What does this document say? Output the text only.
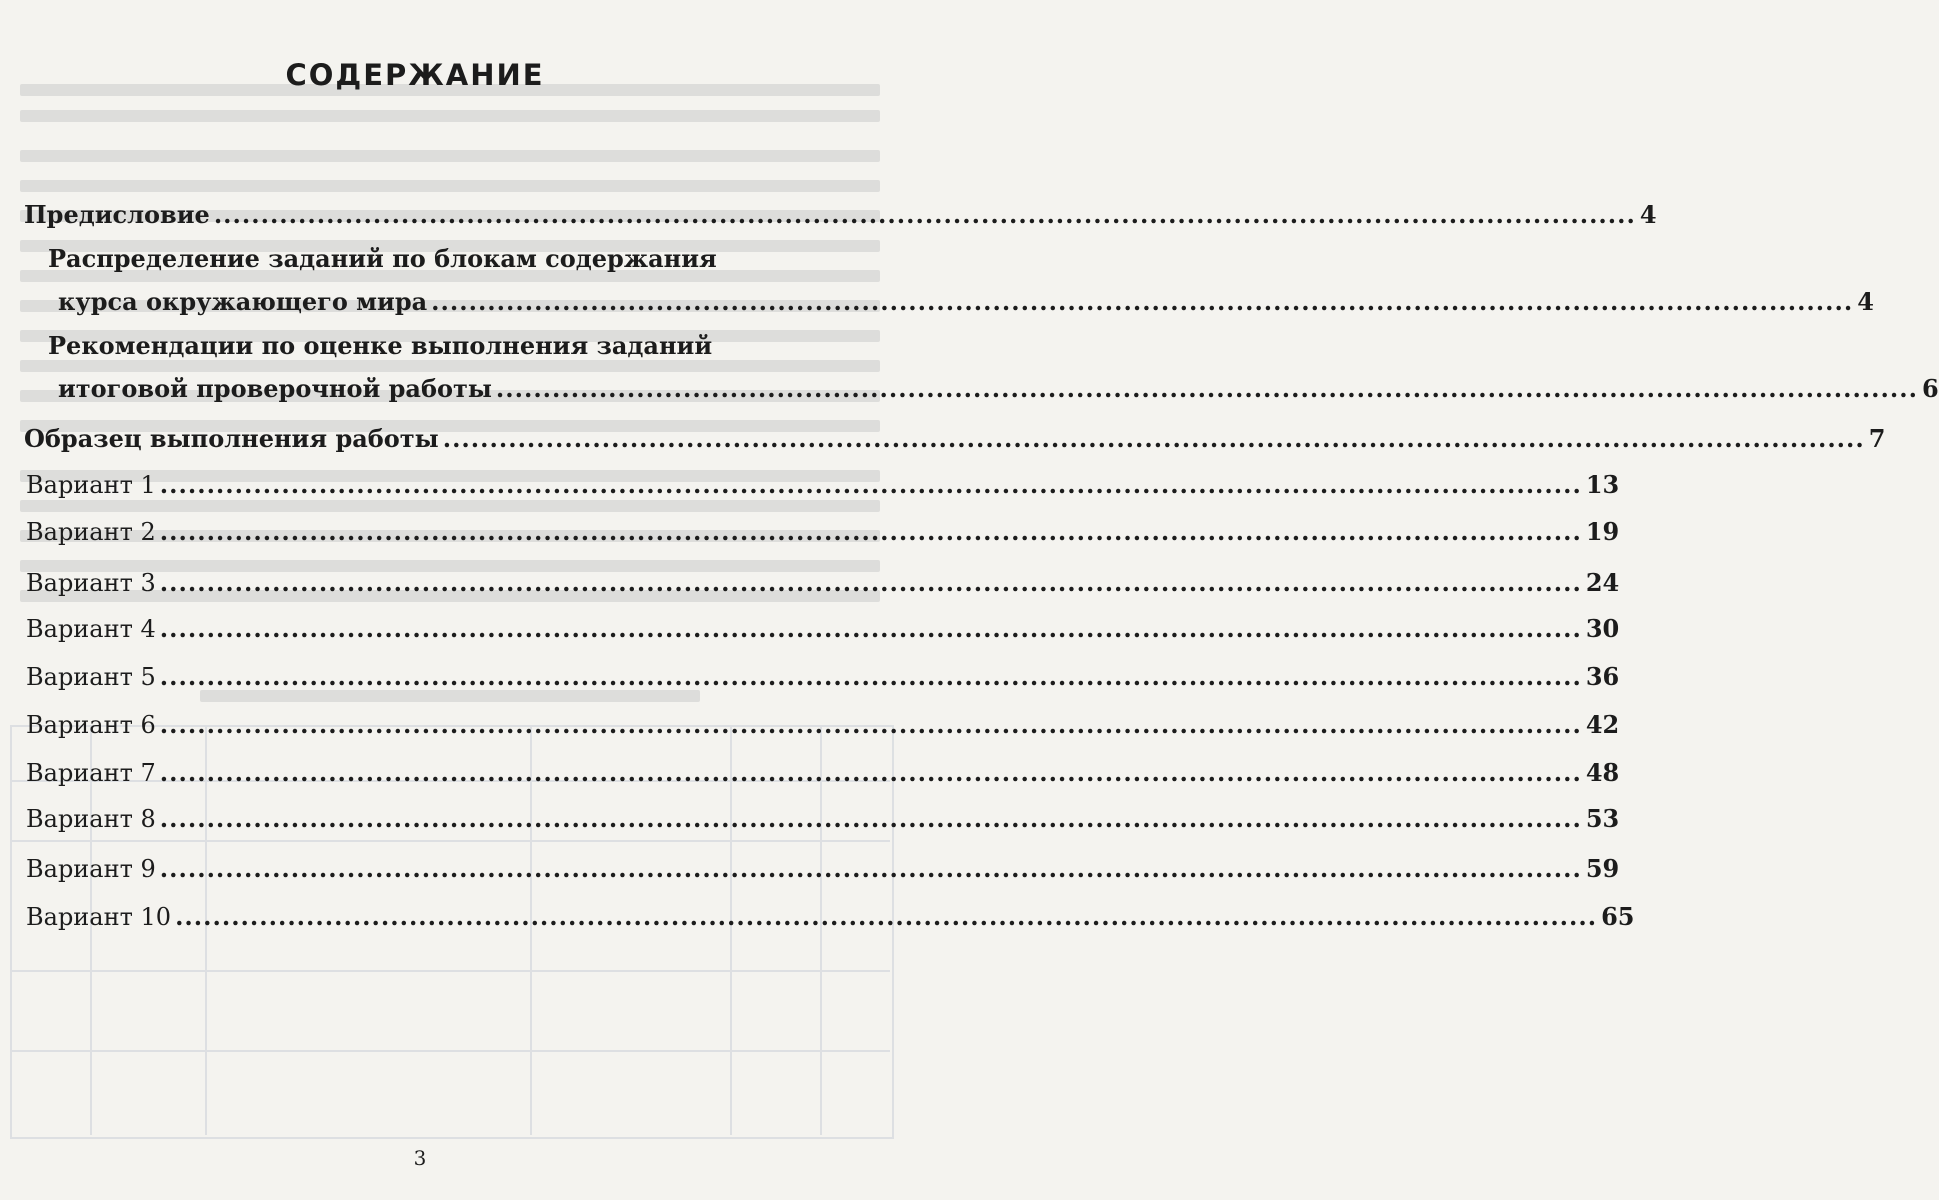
СОДЕРЖАНИЕ
Предисловие ........................................................................................................................................................ 4
Распределение заданий по блокам содержания
курса окружающего мира ........................................................................................................................................................ 4
Рекомендации по оценке выполнения заданий
итоговой проверочной работы ........................................................................................................................................................ 6
Образец выполнения работы ........................................................................................................................................................ 7
Вариант 1 ........................................................................................................................................................ 13
Вариант 2 ........................................................................................................................................................ 19
Вариант 3 ........................................................................................................................................................ 24
Вариант 4 ........................................................................................................................................................ 30
Вариант 5 ........................................................................................................................................................ 36
Вариант 6 ........................................................................................................................................................ 42
Вариант 7 ........................................................................................................................................................ 48
Вариант 8 ........................................................................................................................................................ 53
Вариант 9 ........................................................................................................................................................ 59
Вариант 10 ........................................................................................................................................................ 65
3
